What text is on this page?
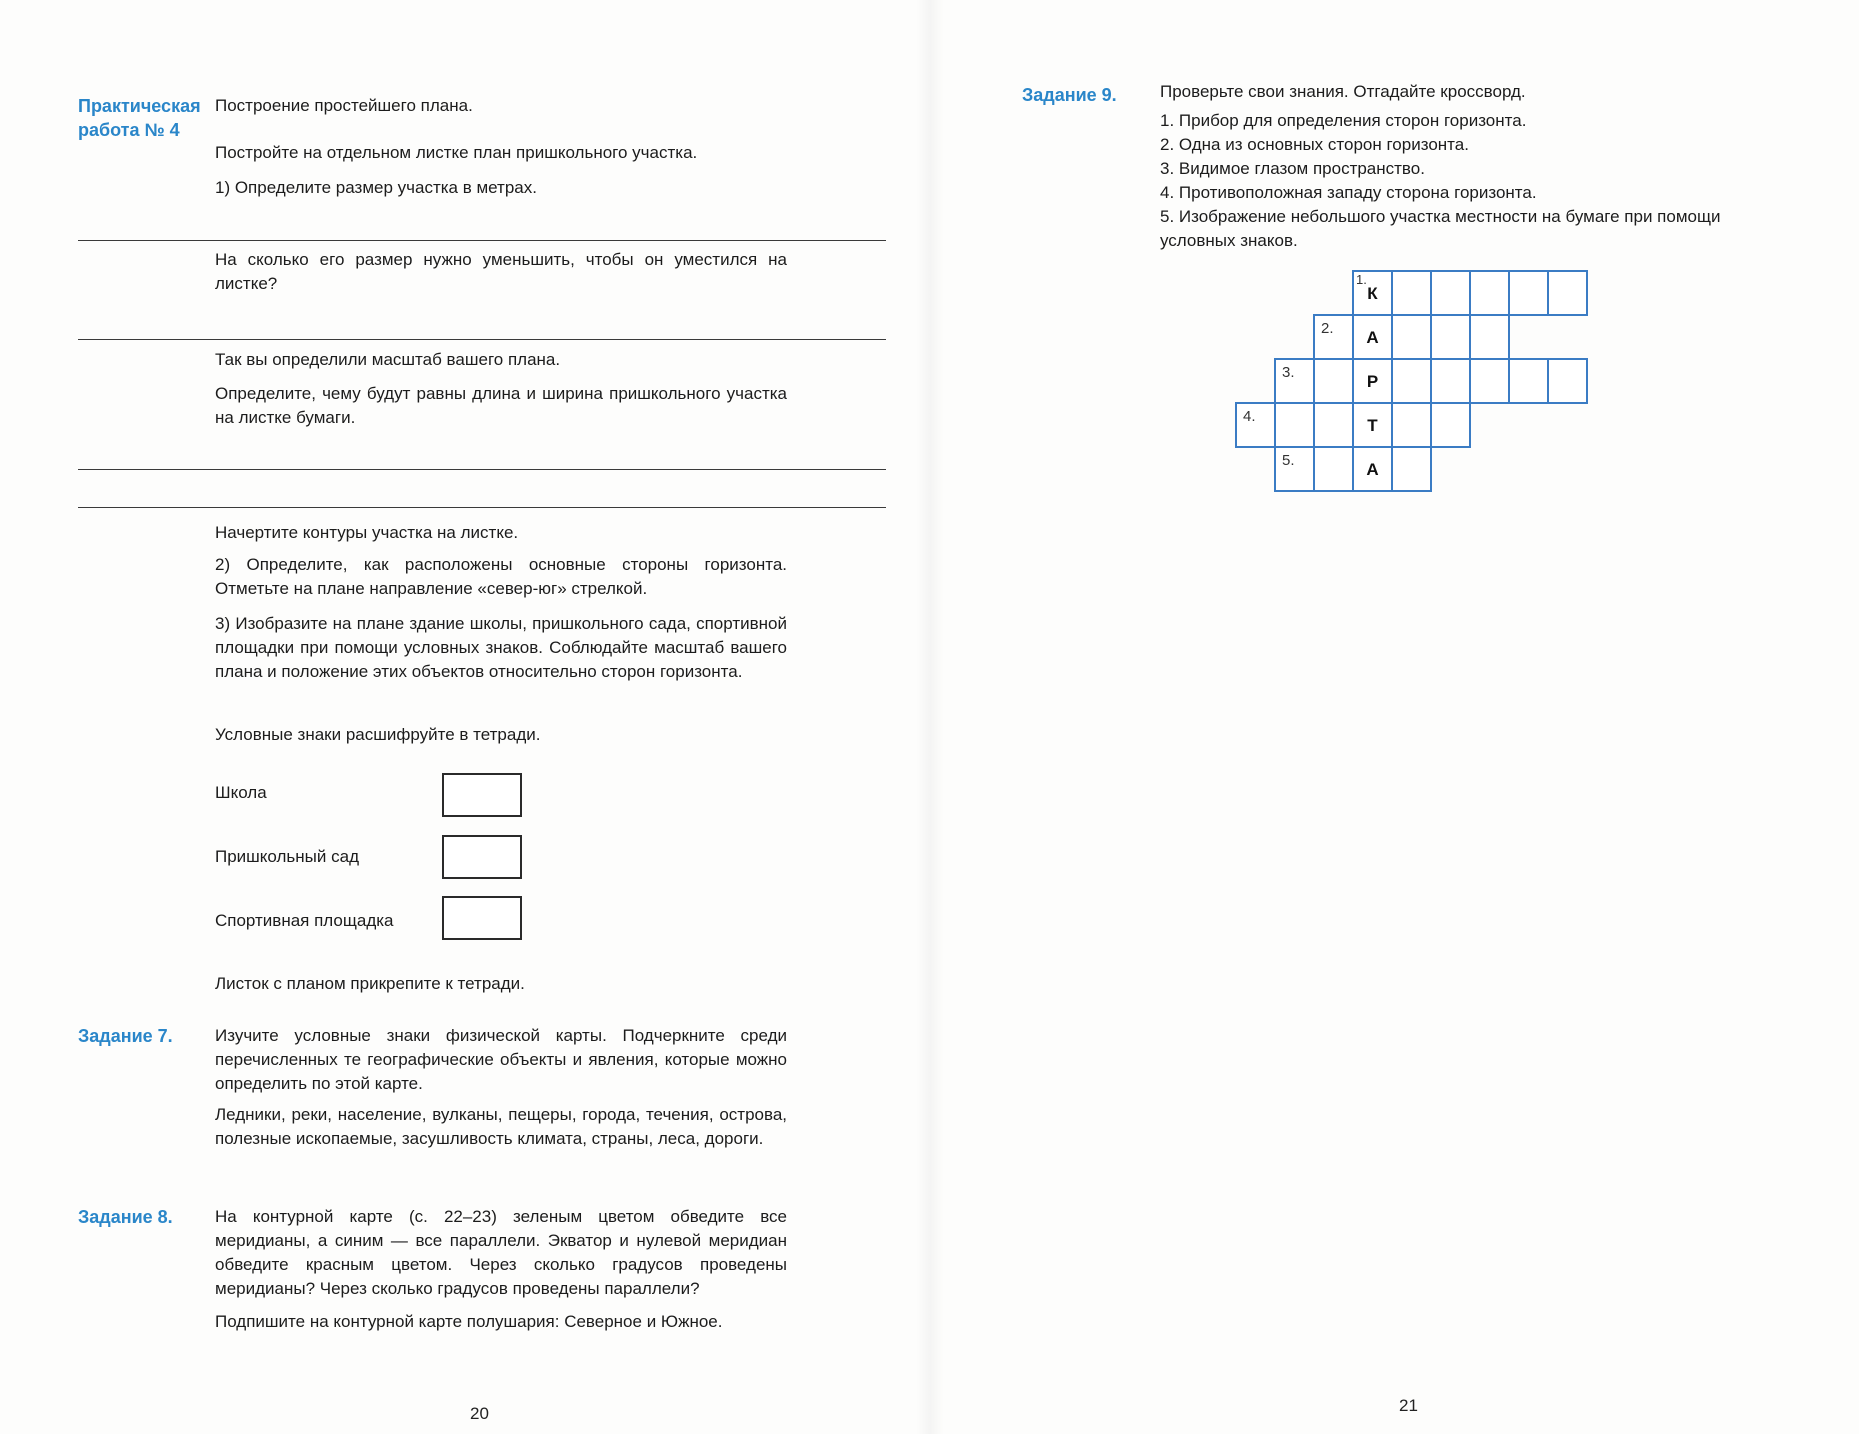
Практическая
работа № 4
Построение простейшего плана.
Постройте на отдельном листке план пришкольного участка.
1) Определите размер участка в метрах.
На сколько его размер нужно уменьшить, чтобы он уместился на листке?
Так вы определили масштаб вашего плана.
Определите, чему будут равны длина и ширина пришкольного участка на листке бумаги.
Начертите контуры участка на листке.
2) Определите, как расположены основные стороны горизонта. Отметьте на плане направление «север-юг» стрелкой.
3) Изобразите на плане здание школы, пришкольного сада, спортивной площадки при помощи условных знаков. Соблюдайте масштаб вашего плана и положение этих объектов относительно сторон горизонта.
Условные знаки расшифруйте в тетради.
Школа
Пришкольный сад
Спортивная площадка
Листок с планом прикрепите к тетради.
Задание 7. Изучите условные знаки физической карты. Подчеркните среди перечисленных те географические объекты и явления, которые можно определить по этой карте.
Ледники, реки, население, вулканы, пещеры, города, течения, острова, полезные ископаемые, засушливость климата, страны, леса, дороги.
Задание 8. На контурной карте (с. 22–23) зеленым цветом обведите все меридианы, а синим — все параллели. Экватор и нулевой меридиан обведите красным цветом. Через сколько градусов проведены меридианы? Через сколько градусов проведены параллели?
Подпишите на контурной карте полушария: Северное и Южное.
20
Задание 9.	Проверьте свои знания. Отгадайте кроссворд.
1. Прибор для определения сторон горизонта.
2. Одна из основных сторон горизонта.
3. Видимое глазом пространство.
4. Противоположная западу сторона горизонта.
5. Изображение небольшого участка местности на бумаге при помощи условных знаков.
1.
К
2.	А
3.	Р
4.	Т
5.	А
21
